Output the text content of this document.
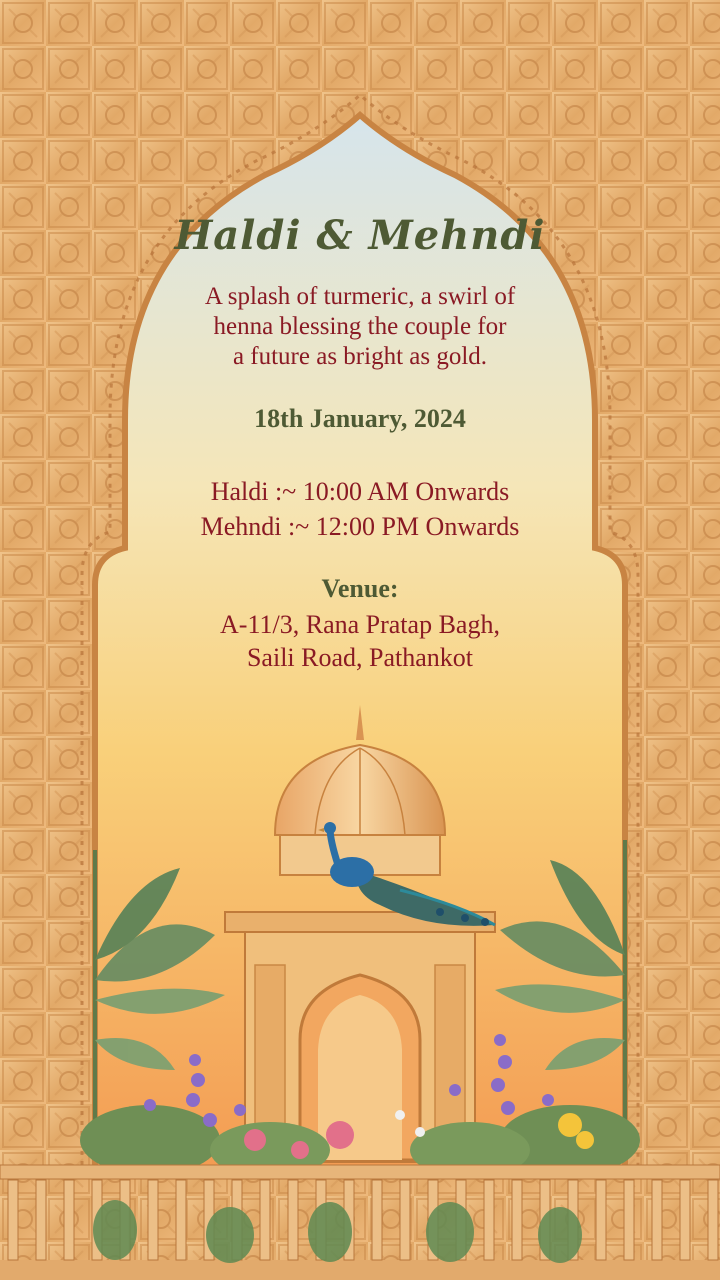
Haldi & Mehndi
A splash of turmeric, a swirl of
henna blessing the couple for
a future as bright as gold.
18th January, 2024
Haldi :~ 10:00 AM Onwards
Mehndi :~ 12:00 PM Onwards
Venue:
A-11/3, Rana Pratap Bagh,
Saili Road, Pathankot
